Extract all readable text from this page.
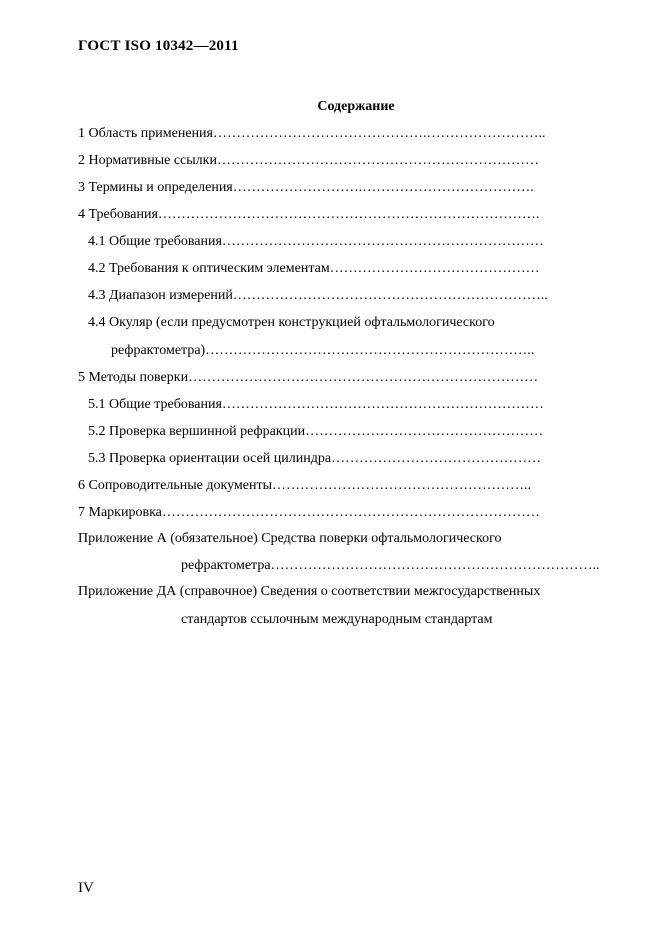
ГОСТ ISO 10342—2011
Содержание
1 Область применения……………………………………….……………………..
2 Нормативные ссылки……………………………………………………………
3 Термины и определения……………………….……………………………….
4 Требования……………………………………………………………………….
4.1 Общие требования……………………………………………………………
4.2 Требования к оптическим элементам………………………………………
4.3 Диапазон измерений…………………………………………………………..
4.4 Окуляр (если предусмотрен конструкцией офтальмологического
рефрактометра)……………………………………………………………..
5 Методы поверки…………………………………………………………………
5.1 Общие требования……………………………………………………………
5.2 Проверка вершинной рефракции……………………………………………
5.3 Проверка ориентации осей цилиндра………………………………………
6 Сопроводительные документы………………………………………………..
7 Маркировка………………………………………………………………………
Приложение А (обязательное) Средства поверки офтальмологического
рефрактометра……………………………………………………………..
Приложение ДА (справочное) Сведения о соответствии межгосударственных
стандартов ссылочным международным стандартам
IV
